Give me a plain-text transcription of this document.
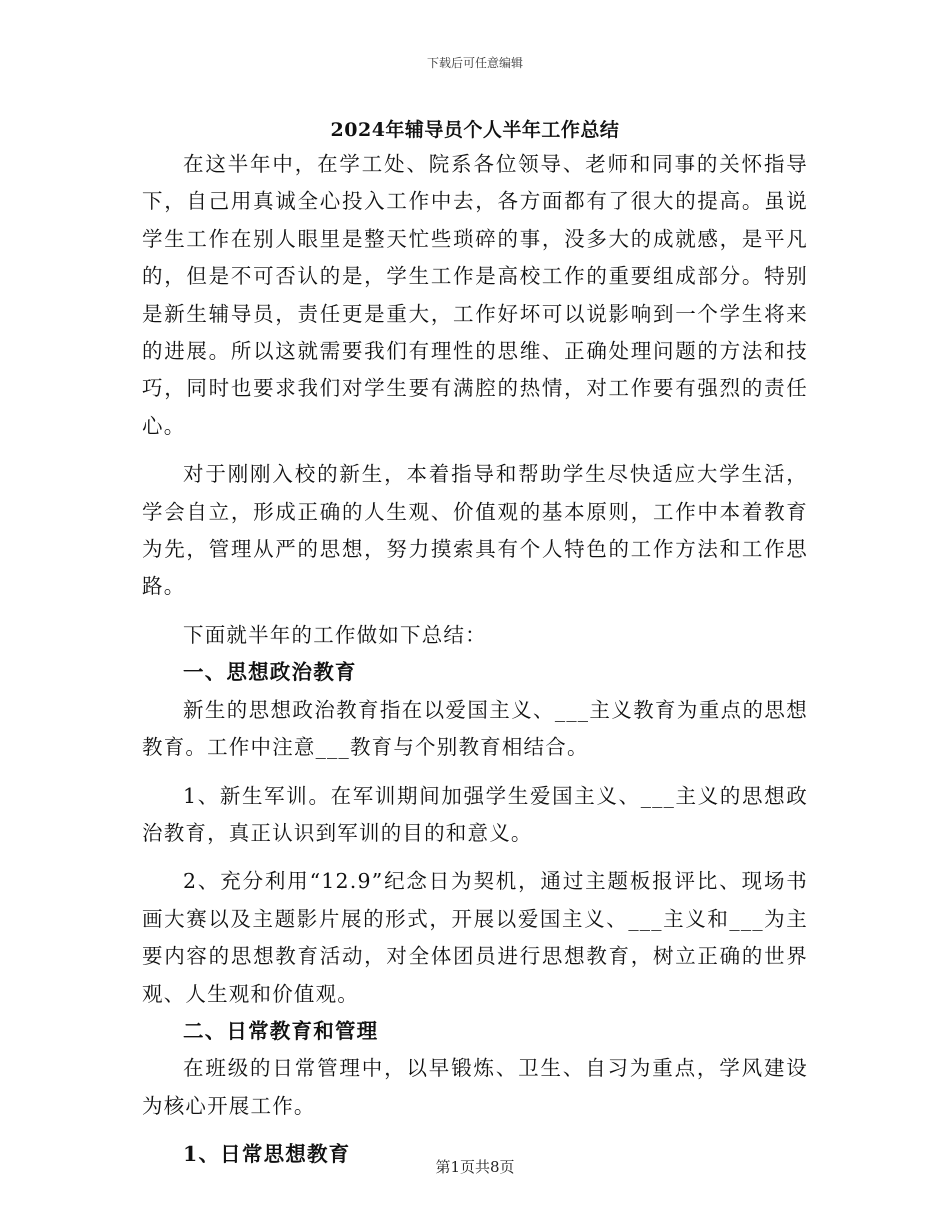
下载后可任意编辑
2024年辅导员个人半年工作总结

在这半年中，在学工处、院系各位领导、老师和同事的关怀指导下，自己用真诚全心投入工作中去，各方面都有了很大的提高。虽说学生工作在别人眼里是整天忙些琐碎的事，没多大的成就感，是平凡的，但是不可否认的是，学生工作是高校工作的重要组成部分。特别是新生辅导员，责任更是重大，工作好坏可以说影响到一个学生将来的进展。所以这就需要我们有理性的思维、正确处理问题的方法和技巧，同时也要求我们对学生要有满腔的热情，对工作要有强烈的责任心。

对于刚刚入校的新生，本着指导和帮助学生尽快适应大学生活，学会自立，形成正确的人生观、价值观的基本原则，工作中本着教育为先，管理从严的思想，努力摸索具有个人特色的工作方法和工作思路。

下面就半年的工作做如下总结：

一、思想政治教育

新生的思想政治教育指在以爱国主义、___主义教育为重点的思想教育。工作中注意___教育与个别教育相结合。

1、新生军训。在军训期间加强学生爱国主义、___主义的思想政治教育，真正认识到军训的目的和意义。

2、充分利用“12.9”纪念日为契机，通过主题板报评比、现场书画大赛以及主题影片展的形式，开展以爱国主义、___主义和___为主要内容的思想教育活动，对全体团员进行思想教育，树立正确的世界观、人生观和价值观。

二、日常教育和管理

在班级的日常管理中，以早锻炼、卫生、自习为重点，学风建设为核心开展工作。

1、日常思想教育

第1页共8页
